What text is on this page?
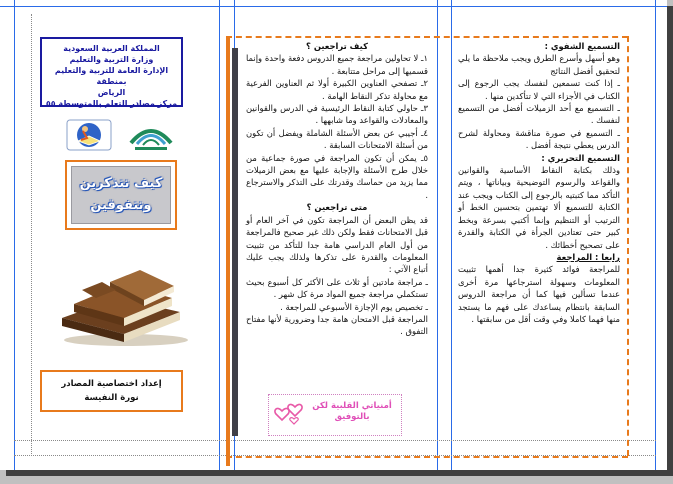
المملكة العربية السعودية
وزارة التربية والتعليم
الإدارة العامة للتربية والتعليم بمنطقة
الرياض
مركز مصادر التعلم بالمتوسطة ٥٥
كيف تتذكرين
وتتفوقين
إعداد اختصاصية المصادر
نورة النفيسة

كيف تراجعين ؟

١ـ لا تحاولين مراجعة جميع الدروس دفعة واحدة وإنما قسميها إلى مراحل متتابعة .

٢ـ تصفحي العناوين الكبيرة أولا ثم العناوين الفرعية مع محاولة تذكر النقاط الهامة .

٣ـ حاولي كتابة النقاط الرئيسية في الدرس والقوانين والمعادلات والقواعد وما شابهها .

٤ـ أجيبي عن بعض الأسئلة الشاملة ويفضل أن تكون من أسئلة الامتحانات السابقة .

٥ـ يمكن أن تكون المراجعة في صورة جماعية من خلال طرح الأسئلة والإجابة عليها مع بعض الزميلات مما يزيد من حماسك وقدرتك على التذكر والاسترجاع .

متى تراجعين ؟

قد يظن البعض أن المراجعة تكون في آخر العام أو قبل الامتحانات فقط ولكن ذلك غير صحيح فالمراجعة من أول العام الدراسي هامة جدا للتأكد من تثبيت المعلومات والقدرة على تذكرها ولذلك يجب عليك أتباع الآتي :

ـ مراجعة مادتين أو ثلاث على الأكثر كل أسبوع بحيث تستكملي مراجعة جميع المواد مرة كل شهر .

ـ تخصيص يوم الإجازة الأسبوعي للمراجعة .

المراجعة قبل الامتحان هامة جدا وضرورية لأنها مفتاح التفوق .

أمنياتي القلبية لكن
بالتوفيق

التسميع الشفوي :

وهو أسهل وأسرع الطرق ويجب ملاحظة ما يلي لتحقيق أفضل النتائج

ـ إذا كنت تسمعين لنفسك يجب الرجوع إلى الكتاب في الأجزاء التي لا تتأكدين منها .

ـ التسميع مع أحد الزميلات أفضل من التسميع لنفسك .

ـ التسميع في صورة مناقشة ومحاولة لشرح الدرس يعطي نتيجة أفضل .

التسميع التحريري :

وذلك بكتابة النقاط الأساسية والقوانين والقواعد والرسوم التوضيحية وبياناتها ، ويتم التأكد مما كتبتيه بالرجوع إلى الكتاب ويجب عند الكتابة للتسميع ألا تهتمين بتحسين الخط أو الترتيب أو التنظيم وإنما أكتبي بسرعة وبخط كبير حتى تعتادين الجرأة في الكتابة والقدرة على تصحيح أخطائك .

رابعا : المراجعة

للمراجعة فوائد كثيرة جدا أهمها تثبيت المعلومات وسهولة استرجاعها مرة أخرى عندما تسألين فيها كما أن مراجعة الدروس السابقة بانتظام يساعدك على فهم ما يستجد منها فهما كاملا وفي وقت أقل من سابقتها .
